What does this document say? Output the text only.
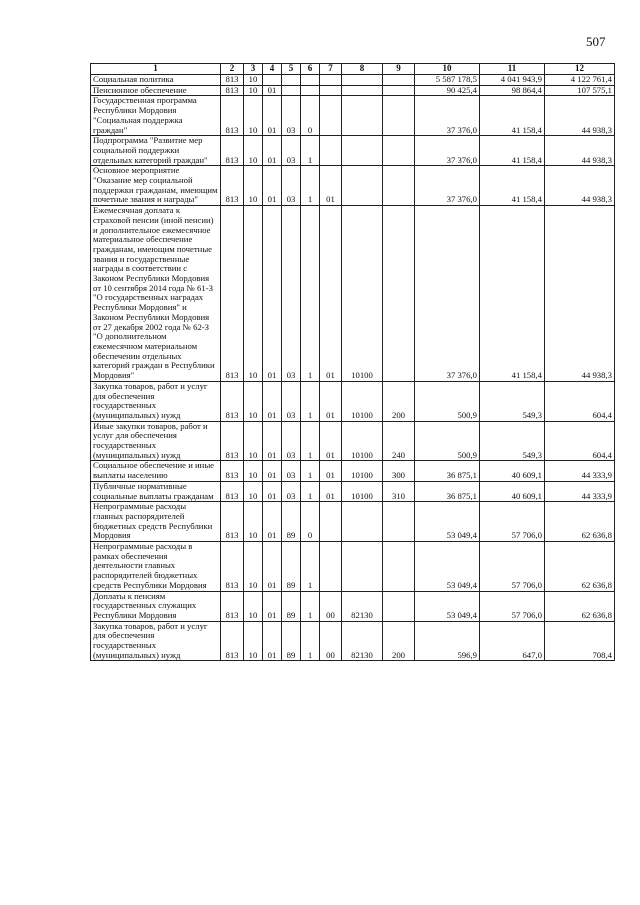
507
1	2	3	4	5	6	7	8	9	10	11	12
Социальная политика	813	10							5 587 178,5	4 041 943,9	4 122 761,4
Пенсионное обеспечение	813	10	01						90 425,4	98 864,4	107 575,1
Государственная программа Республики Мордовия "Социальная поддержка граждан"	813	10	01	03	0				37 376,0	41 158,4	44 938,3
Подпрограмма "Развитие мер социальной поддержки отдельных категорий граждан"	813	10	01	03	1				37 376,0	41 158,4	44 938,3
Основное мероприятие "Оказание мер социальной поддержки гражданам, имеющим почетные звания и награды"	813	10	01	03	1	01			37 376,0	41 158,4	44 938,3
Ежемесячная доплата к страховой пенсии (иной пенсии) и дополнительное ежемесячное материальное обеспечение гражданам, имеющим почетные звания и государственные награды в соответствии с Законом Республики Мордовия от 10 сентября 2014 года № 61-З "О государственных наградах Республики Мордовия" и Законом Республики Мордовия от 27 декабря 2002 года № 62-З "О дополнительном ежемесячном материальном обеспечении отдельных категорий граждан в Республики Мордовия"	813	10	01	03	1	01	10100		37 376,0	41 158,4	44 938,3
Закупка товаров, работ и услуг для обеспечения государственных (муниципальных) нужд	813	10	01	03	1	01	10100	200	500,9	549,3	604,4
Иные закупки товаров, работ и услуг для обеспечения государственных (муниципальных) нужд	813	10	01	03	1	01	10100	240	500,9	549,3	604,4
Социальное обеспечение и иные выплаты населению	813	10	01	03	1	01	10100	300	36 875,1	40 609,1	44 333,9
Публичные нормативные социальные выплаты гражданам	813	10	01	03	1	01	10100	310	36 875,1	40 609,1	44 333,9
Непрограммные расходы главных распорядителей бюджетных средств Республики Мордовия	813	10	01	89	0				53 049,4	57 706,0	62 636,8
Непрограммные расходы в рамках обеспечения деятельности главных распорядителей бюджетных средств Республики Мордовия	813	10	01	89	1				53 049,4	57 706,0	62 636,8
Доплаты к пенсиям государственных служащих Республики Мордовия	813	10	01	89	1	00	82130		53 049,4	57 706,0	62 636,8
Закупка товаров, работ и услуг для обеспечения государственных (муниципальных) нужд	813	10	01	89	1	00	82130	200	596,9	647,0	708,4
